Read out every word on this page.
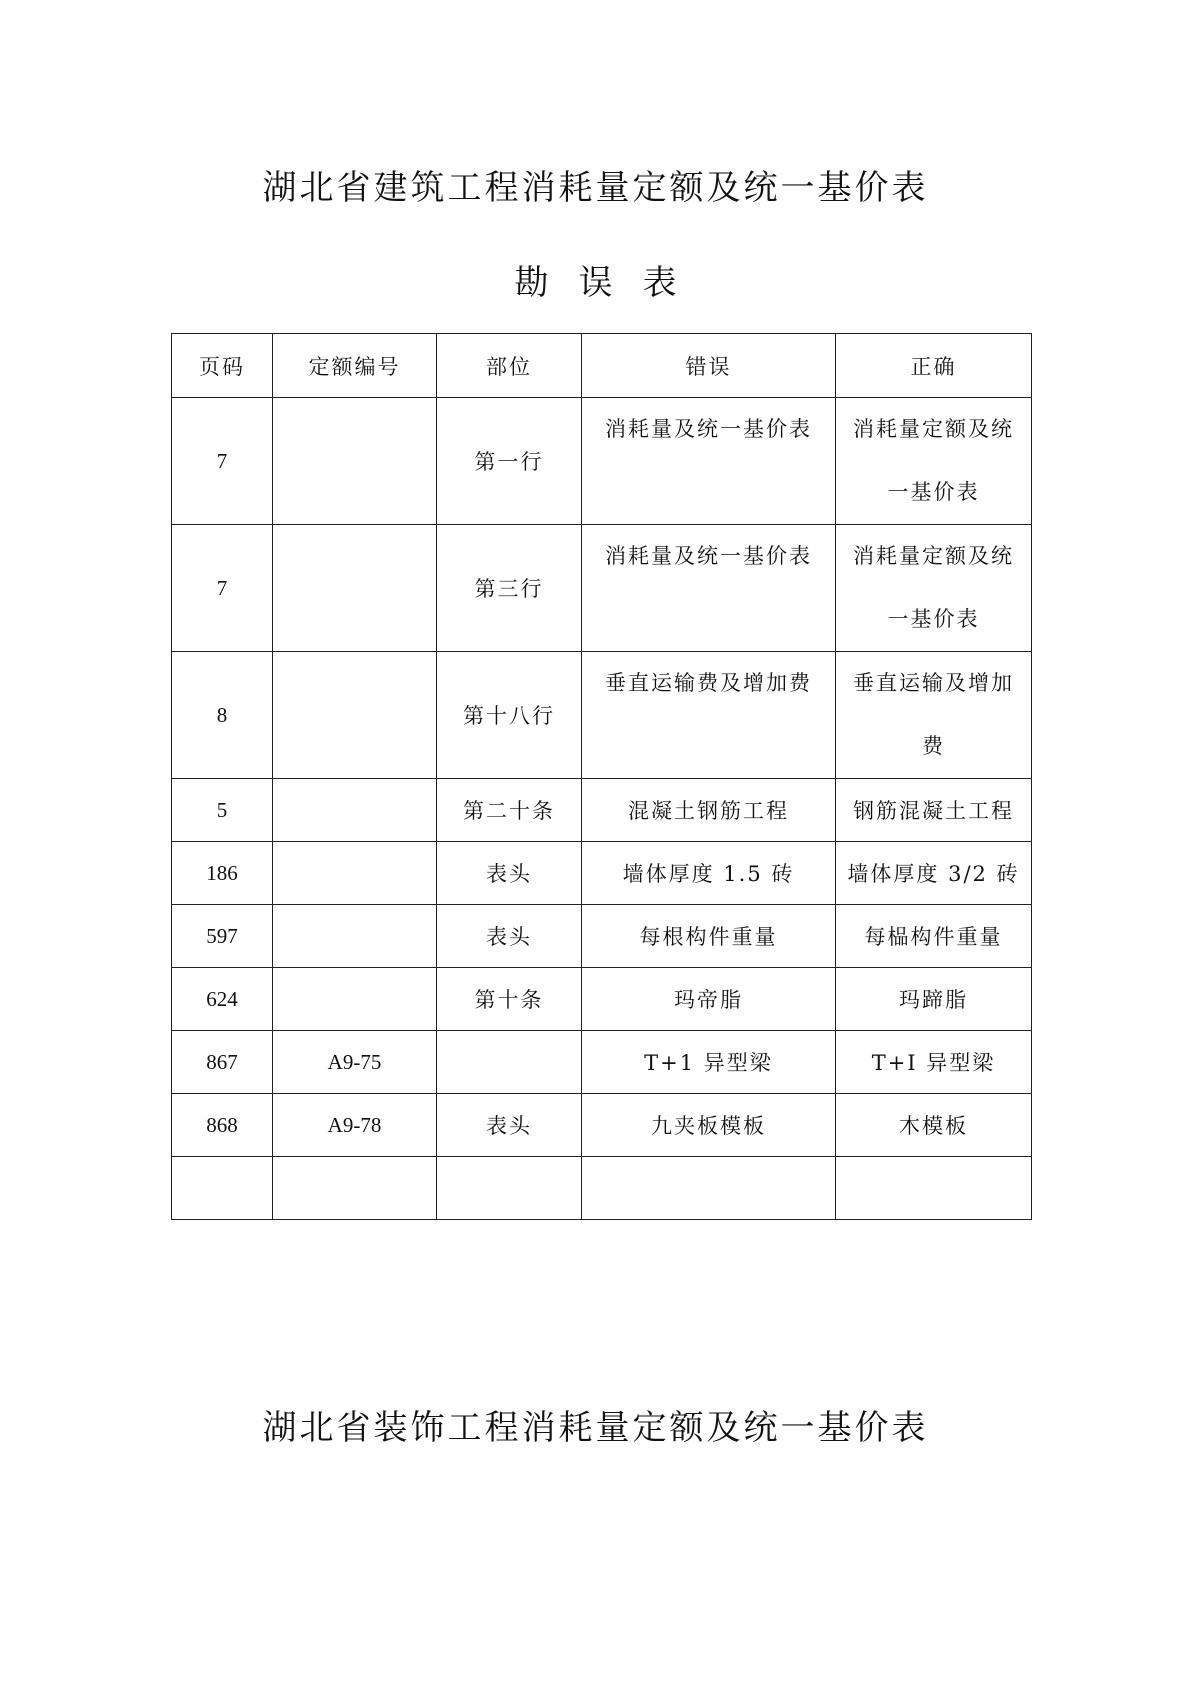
湖北省建筑工程消耗量定额及统一基价表
勘误表
页码	定额编号	部位	错误	正确
7		第一行	消耗量及统一基价表	消耗量定额及统一基价表
7		第三行	消耗量及统一基价表	消耗量定额及统一基价表
8		第十八行	垂直运输费及增加费	垂直运输及增加费
5		第二十条	混凝土钢筋工程	钢筋混凝土工程
186		表头	墙体厚度 1.5 砖	墙体厚度 3/2 砖
597		表头	每根构件重量	每榀构件重量
624		第十条	玛帝脂	玛蹄脂
867	A9-75		T+1 异型梁	T+I 异型梁
868	A9-78	表头	九夹板模板	木模板

湖北省装饰工程消耗量定额及统一基价表
